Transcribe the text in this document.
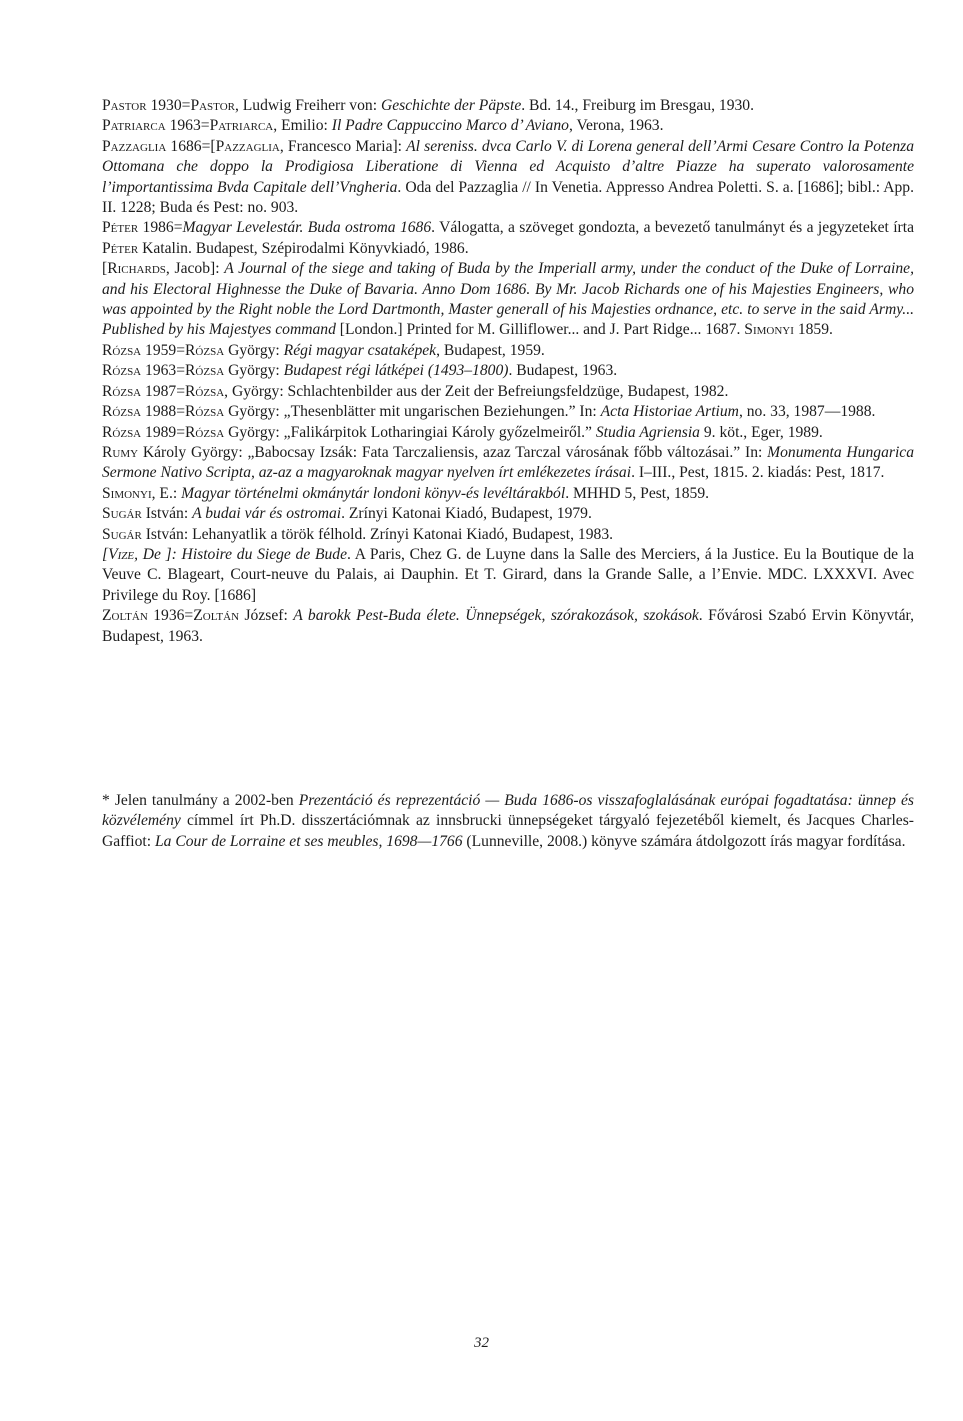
Pastor 1930=Pastor, Ludwig Freiherr von: Geschichte der Päpste. Bd. 14., Freiburg im Bresgau, 1930.

Patriarca 1963=Patriarca, Emilio: Il Padre Cappuccino Marco d’ Aviano, Verona, 1963.

Pazzaglia 1686=[Pazzaglia, Francesco Maria]: Al sereniss. dvca Carlo V. di Lorena general dell’Armi Cesare Contro la Potenza Ottomana che doppo la Prodigiosa Liberatione di Vienna ed Acquisto d’altre Piazze ha superato valorosamente l’importantissima Bvda Capitale dell’Vngheria. Oda del Pazzaglia // In Venetia. Appresso Andrea Poletti. S. a. [1686]; bibl.: App. II. 1228; Buda és Pest: no. 903.

Péter 1986=Magyar Levelestár. Buda ostroma 1686. Válogatta, a szöveget gondozta, a bevezető tanulmányt és a jegyzeteket írta Péter Katalin. Budapest, Szépirodalmi Könyvkiadó, 1986.

[Richards, Jacob]: A Journal of the siege and taking of Buda by the Imperiall army, under the conduct of the Duke of Lorraine, and his Electoral Highnesse the Duke of Bavaria. Anno Dom 1686. By Mr. Jacob Richards one of his Majesties Engineers, who was appointed by the Right noble the Lord Dartmonth, Master generall of his Majesties ordnance, etc. to serve in the said Army... Published by his Majestyes command [London.] Printed for M. Gilliflower... and J. Part Ridge... 1687. Simonyi 1859.

Rózsa 1959=Rózsa György: Régi magyar csataképek, Budapest, 1959.

Rózsa 1963=Rózsa György: Budapest régi látképei (1493–1800). Budapest, 1963.

Rózsa 1987=Rózsa, György: Schlachtenbilder aus der Zeit der Befreiungsfeldzüge, Budapest, 1982.

Rózsa 1988=Rózsa György: „Thesenblätter mit ungarischen Beziehungen.” In: Acta Historiae Artium, no. 33, 1987—1988.

Rózsa 1989=Rózsa György: „Falikárpitok Lotharingiai Károly győzelmeiről.” Studia Agriensia 9. köt., Eger, 1989.

Rumy Károly György: „Babocsay Izsák: Fata Tarczaliensis, azaz Tarczal városának főbb változásai.” In: Monumenta Hungarica Sermone Nativo Scripta, az-az a magyaroknak magyar nyelven írt emlékezetes írásai. I–III., Pest, 1815. 2. kiadás: Pest, 1817.

Simonyi, E.: Magyar történelmi okmánytár londoni könyv-és levéltárakból. MHHD 5, Pest, 1859.

Sugár István: A budai vár és ostromai. Zrínyi Katonai Kiadó, Budapest, 1979.

Sugár István: Lehanyatlik a török félhold. Zrínyi Katonai Kiadó, Budapest, 1983.

[Vize, De ]: Histoire du Siege de Bude. A Paris, Chez G. de Luyne dans la Salle des Merciers, á la Justice. Eu la Boutique de la Veuve C. Blageart, Court-neuve du Palais, ai Dauphin. Et T. Girard, dans la Grande Salle, a l’Envie. MDC. LXXXVI. Avec Privilege du Roy. [1686]

Zoltán 1936=Zoltán József: A barokk Pest-Buda élete. Ünnepségek, szórakozások, szokások. Fővárosi Szabó Ervin Könyvtár, Budapest, 1963.

* Jelen tanulmány a 2002-ben Prezentáció és reprezentáció — Buda 1686-os visszafoglalásának európai fogadtatása: ünnep és közvélemény címmel írt Ph.D. disszertációmnak az innsbrucki ünnepségeket tárgyaló fejezetéből kiemelt, és Jacques Charles-Gaffiot: La Cour de Lorraine et ses meubles, 1698—1766 (Lunneville, 2008.) könyve számára átdolgozott írás magyar fordítása.

32
